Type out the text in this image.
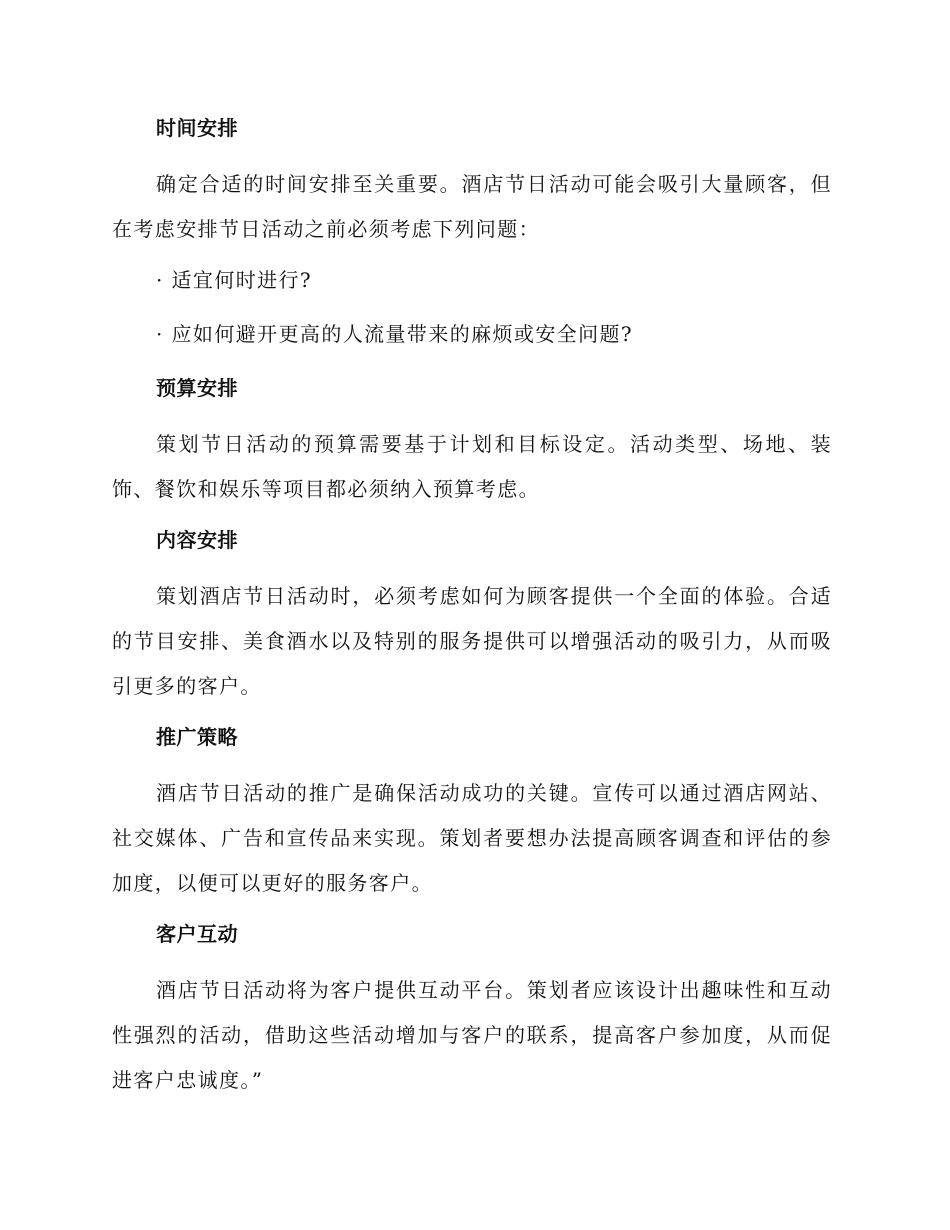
时间安排
确定合适的时间安排至关重要。酒店节日活动可能会吸引大量顾客，但在考虑安排节日活动之前必须考虑下列问题：
· 适宜何时进行?
· 应如何避开更高的人流量带来的麻烦或安全问题?
预算安排
策划节日活动的预算需要基于计划和目标设定。活动类型、场地、装饰、餐饮和娱乐等项目都必须纳入预算考虑。
内容安排
策划酒店节日活动时，必须考虑如何为顾客提供一个全面的体验。合适的节目安排、美食酒水以及特别的服务提供可以增强活动的吸引力，从而吸引更多的客户。
推广策略
酒店节日活动的推广是确保活动成功的关键。宣传可以通过酒店网站、社交媒体、广告和宣传品来实现。策划者要想办法提高顾客调查和评估的参加度，以便可以更好的服务客户。
客户互动
酒店节日活动将为客户提供互动平台。策划者应该设计出趣味性和互动性强烈的活动，借助这些活动增加与客户的联系，提高客户参加度，从而促进客户忠诚度。”
